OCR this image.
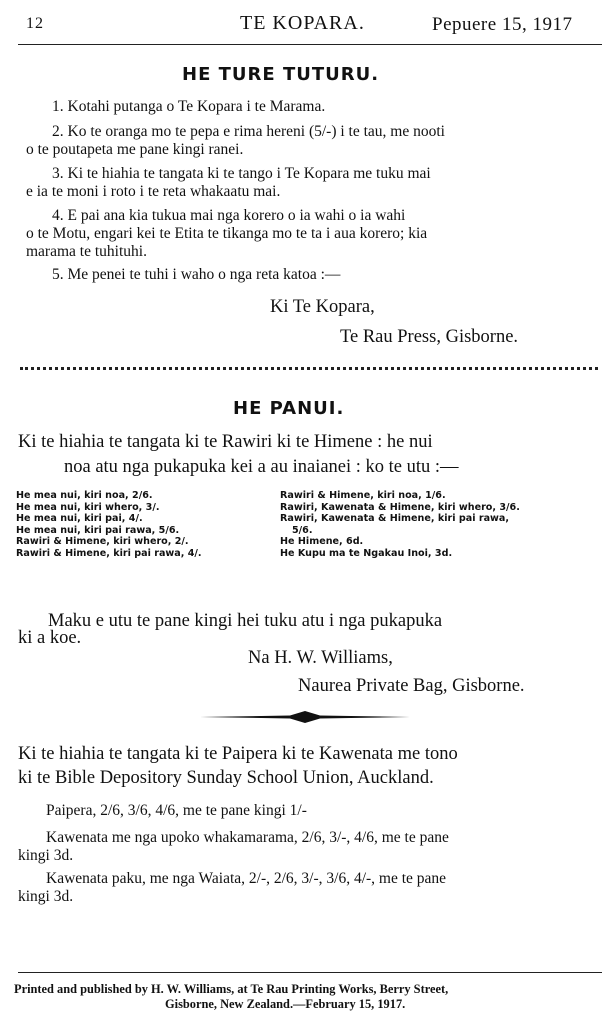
12	TE KOPARA.	Pepuere 15, 1917
HE TURE TUTURU.
1. Kotahi putanga o Te Kopara i te Marama.
2. Ko te oranga mo te pepa e rima hereni (5/-) i te tau, me nooti
o te poutapeta me pane kingi ranei.
3. Ki te hiahia te tangata ki te tango i Te Kopara me tuku mai
e ia te moni i roto i te reta whakaatu mai.
4. E pai ana kia tukua mai nga korero o ia wahi o ia wahi
o te Motu, engari kei te Etita te tikanga mo te ta i aua korero; kia
marama te tuhituhi.
5. Me penei te tuhi i waho o nga reta katoa :—
Ki Te Kopara,
Te Rau Press, Gisborne.
HE PANUI.
Ki te hiahia te tangata ki te Rawiri ki te Himene : he nui
noa atu nga pukapuka kei a au inaianei : ko te utu :—
He mea nui, kiri noa, 2/6.
He mea nui, kiri whero, 3/.
He mea nui, kiri pai, 4/.
He mea nui, kiri pai rawa, 5/6.
Rawiri & Himene, kiri whero, 2/.
Rawiri & Himene, kiri pai rawa, 4/.
Rawiri & Himene, kiri noa, 1/6.
Rawiri, Kawenata & Himene, kiri whero, 3/6.
Rawiri, Kawenata & Himene, kiri pai rawa,
5/6.
He Himene, 6d.
He Kupu ma te Ngakau Inoi, 3d.
Maku e utu te pane kingi hei tuku atu i nga pukapuka
ki a koe.
Na H. W. Williams,
Naurea Private Bag, Gisborne.
Ki te hiahia te tangata ki te Paipera ki te Kawenata me tono
ki te Bible Depository Sunday School Union, Auckland.
Paipera, 2/6, 3/6, 4/6, me te pane kingi 1/-
Kawenata me nga upoko whakamarama, 2/6, 3/-, 4/6, me te pane
kingi 3d.
Kawenata paku, me nga Waiata, 2/-, 2/6, 3/-, 3/6, 4/-, me te pane
kingi 3d.
Printed and published by H. W. Williams, at Te Rau Printing Works, Berry Street,
Gisborne, New Zealand.—February 15, 1917.
